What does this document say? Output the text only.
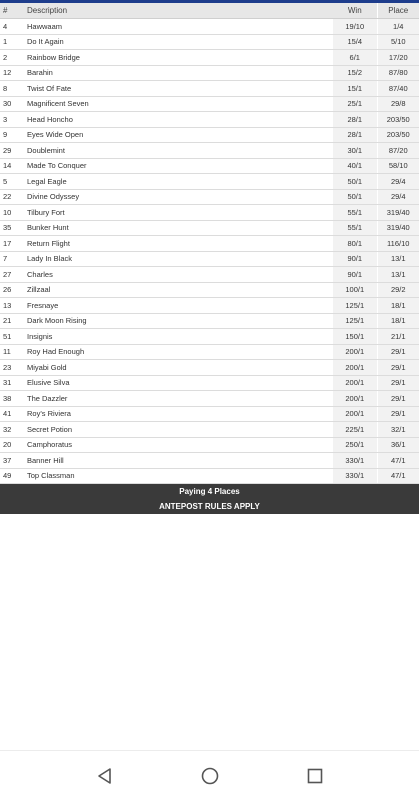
#	Description	Win	Place
4	Hawwaam	19/10	1/4
1	Do It Again	15/4	5/10
2	Rainbow Bridge	6/1	17/20
12	Barahin	15/2	87/80
8	Twist Of Fate	15/1	87/40
30	Magnificent Seven	25/1	29/8
3	Head Honcho	28/1	203/50
9	Eyes Wide Open	28/1	203/50
29	Doublemint	30/1	87/20
14	Made To Conquer	40/1	58/10
5	Legal Eagle	50/1	29/4
22	Divine Odyssey	50/1	29/4
10	Tilbury Fort	55/1	319/40
35	Bunker Hunt	55/1	319/40
17	Return Flight	80/1	116/10
7	Lady In Black	90/1	13/1
27	Charles	90/1	13/1
26	Zillzaal	100/1	29/2
13	Fresnaye	125/1	18/1
21	Dark Moon Rising	125/1	18/1
51	Insignis	150/1	21/1
11	Roy Had Enough	200/1	29/1
23	Miyabi Gold	200/1	29/1
31	Elusive Silva	200/1	29/1
38	The Dazzler	200/1	29/1
41	Roy's Riviera	200/1	29/1
32	Secret Potion	225/1	32/1
20	Camphoratus	250/1	36/1
37	Banner Hill	330/1	47/1
49	Top Classman	330/1	47/1
Paying 4 Places
ANTEPOST RULES APPLY
